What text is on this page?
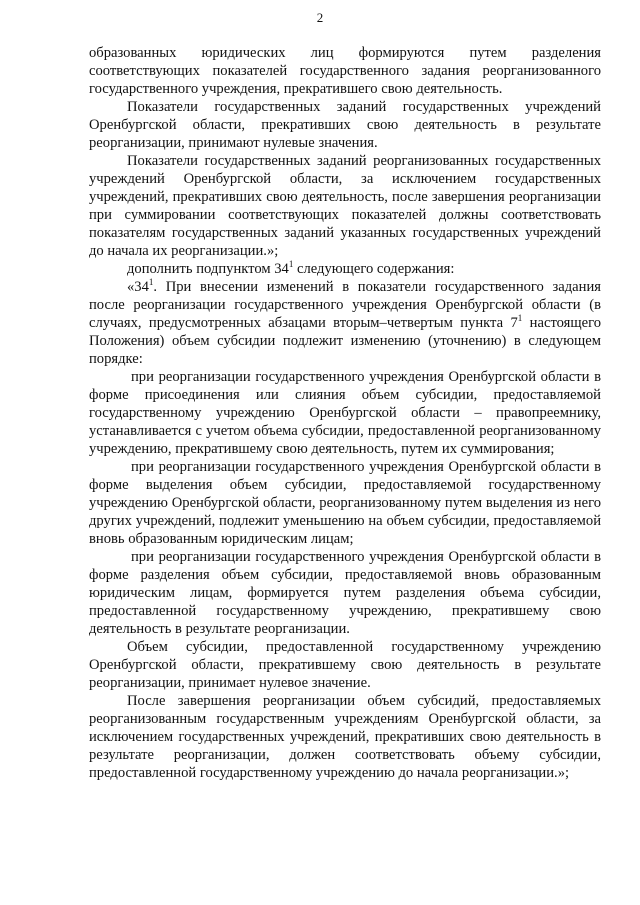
2

образованных юридических лиц формируются путем разделения соответствующих показателей государственного задания реорганизованного государственного учреждения, прекратившего свою деятельность.

Показатели государственных заданий государственных учреждений Оренбургской области, прекративших свою деятельность в результате реорганизации, принимают нулевые значения.

Показатели государственных заданий реорганизованных государственных учреждений Оренбургской области, за исключением государственных учреждений, прекративших свою деятельность, после завершения реорганизации при суммировании соответствующих показателей должны соответствовать показателям государственных заданий указанных государственных учреждений до начала их реорганизации.»;

дополнить подпунктом $34^1$ следующего содержания:

«$34^1$. При внесении изменений в показатели государственного задания после реорганизации государственного учреждения Оренбургской области (в случаях, предусмотренных абзацами вторым–четвертым пункта $7^1$ настоящего Положения) объем субсидии подлежит изменению (уточнению) в следующем порядке:

при реорганизации государственного учреждения Оренбургской области в форме присоединения или слияния объем субсидии, предоставляемой государственному учреждению Оренбургской области – правопреемнику, устанавливается с учетом объема субсидии, предоставленной реорганизованному учреждению, прекратившему свою деятельность, путем их суммирования;

при реорганизации государственного учреждения Оренбургской области в форме выделения объем субсидии, предоставляемой государственному учреждению Оренбургской области, реорганизованному путем выделения из него других учреждений, подлежит уменьшению на объем субсидии, предоставляемой вновь образованным юридическим лицам;

при реорганизации государственного учреждения Оренбургской области в форме разделения объем субсидии, предоставляемой вновь образованным юридическим лицам, формируется путем разделения объема субсидии, предоставленной государственному учреждению, прекратившему свою деятельность в результате реорганизации.

Объем субсидии, предоставленной государственному учреждению Оренбургской области, прекратившему свою деятельность в результате реорганизации, принимает нулевое значение.

После завершения реорганизации объем субсидий, предоставляемых реорганизованным государственным учреждениям Оренбургской области, за исключением государственных учреждений, прекративших свою деятельность в результате реорганизации, должен соответствовать объему субсидии, предоставленной государственному учреждению до начала реорганизации.»;
